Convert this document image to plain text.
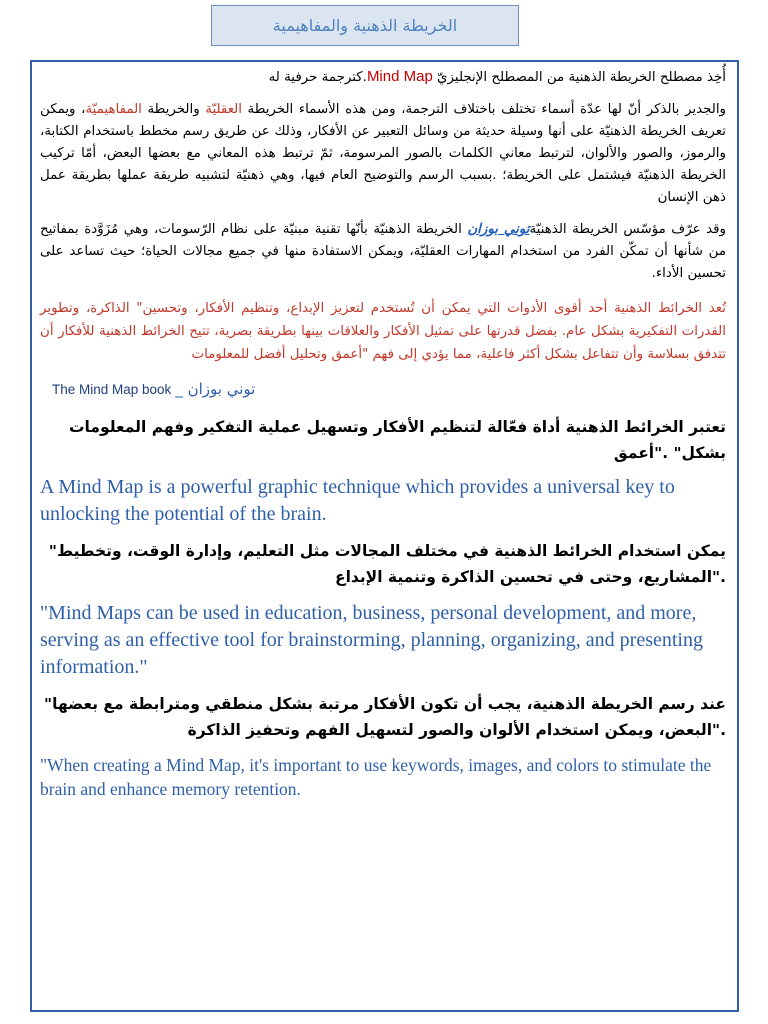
الخريطة الذهنية والمفاهيمية

أُخِذ مصطلح الخريطة الذهنية من المصطلح الإنجليزيّ Mind Map.كترجمة حرفية له

والجدير بالذكر أنّ لها عدّة أسماء تختلف باختلاف الترجمة، ومن هذه الأسماء الخريطة العقليّة والخريطة المفاهيميّة، ويمكن تعريف الخريطة الذهنيّة على أنها وسيلة حديثة من وسائل التعبير عن الأفكار، وذلك عن طريق رسم مخطط باستخدام الكتابة، والرموز، والصور والألوان، لترتبط معاني الكلمات بالصور المرسومة، ثمّ ترتبط هذه المعاني مع بعضها البعض، أمّا تركيب الخريطة الذهنيّة فيشتمل على الخريطة؛ .بسبب الرسم والتوضيح العام فيها، وهي ذهنيّة لتشبيه طريقة عملها بطريقة عمل ذهن الإنسان

وقد عرّف مؤسّس الخريطة الذهنيّةتوني بوزان الخريطة الذهنيّة بأنّها تقنية مبنيّة على نظام الرّسومات، وهي مُزَوَّدة بمفاتيح من شأنها أن تمكّن الفرد من استخدام المهارات العقليّة، ويمكن الاستفادة منها في جميع مجالات الحياة؛ حيث تساعد على تحسين الأداء.

تُعد الخرائط الذهنية أحد أقوى الأدوات التي يمكن أن تُستخدم لتعزيز الإبداع، وتنظيم الأفكار، وتحسين" الذاكرة، وتطوير القدرات التفكيرية بشكل عام. بفضل قدرتها على تمثيل الأفكار والعلاقات بينها بطريقة بصرية، تتيح الخرائط الذهنية للأفكار أن تتدفق بسلاسة وأن تتفاعل بشكل أكثر فاعلية، مما يؤدي إلى فهم "أعمق وتحليل أفضل للمعلومات

The Mind Map book توني بوزان _

تعتبر الخرائط الذهنية أداة فعّالة لتنظيم الأفكار وتسهيل عملية التفكير وفهم المعلومات بشكل" ."أعمق

A Mind Map is a powerful graphic technique which provides a universal key to unlocking the potential of the brain.

يمكن استخدام الخرائط الذهنية في مختلف المجالات مثل التعليم، وإدارة الوقت، وتخطيط" ."المشاريع، وحتى في تحسين الذاكرة وتنمية الإبداع

"Mind Maps can be used in education, business, personal development, and more, serving as an effective tool for brainstorming, planning, organizing, and presenting information."

عند رسم الخريطة الذهنية، يجب أن تكون الأفكار مرتبة بشكل منطقي ومترابطة مع بعضها" ."البعض، ويمكن استخدام الألوان والصور لتسهيل الفهم وتحفيز الذاكرة

"When creating a Mind Map, it's important to use keywords, images, and colors to stimulate the brain and enhance memory retention.
